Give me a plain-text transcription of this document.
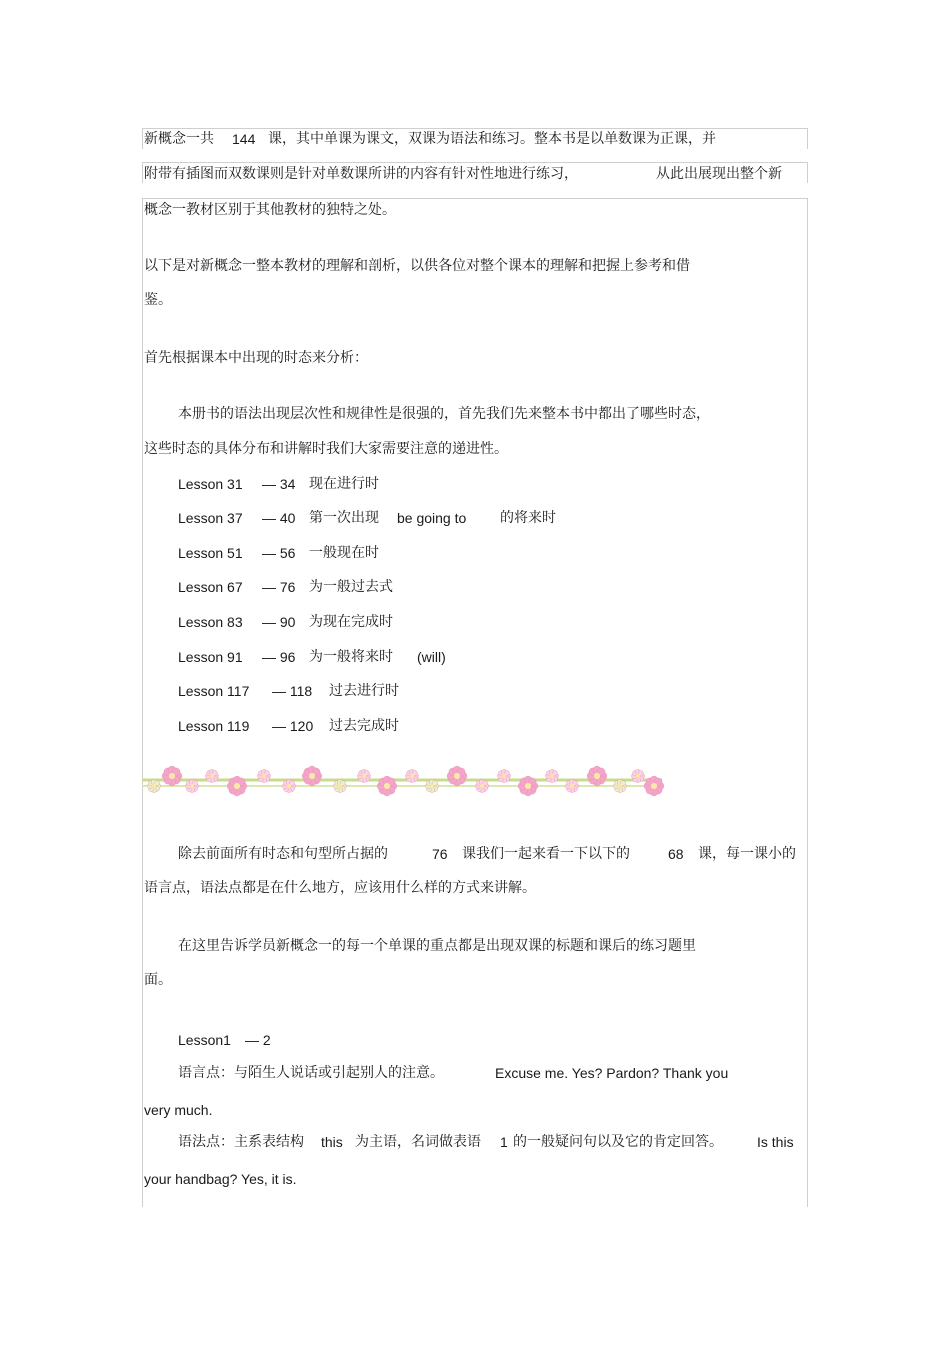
新概念一共 144 课，其中单课为课文，双课为语法和练习。整本书是以单数课为正课，并
附带有插图而双数课则是针对单数课所讲的内容有针对性地进行练习，	从此出展现出整个新
概念一教材区别于其他教材的独特之处。
以下是对新概念一整本教材的理解和剖析，以供各位对整个课本的理解和把握上参考和借
鉴。
首先根据课本中出现的时态来分析：
本册书的语法出现层次性和规律性是很强的，首先我们先来整本书中都出了哪些时态，
这些时态的具体分布和讲解时我们大家需要注意的递进性。
Lesson 31 — 34 现在进行时
Lesson 37 — 40 第一次出现 be going to 的将来时
Lesson 51 — 56 一般现在时
Lesson 67 — 76 为一般过去式
Lesson 83 — 90 为现在完成时
Lesson 91 — 96 为一般将来时 (will)
Lesson 117 — 118 过去进行时
Lesson 119 — 120 过去完成时
除去前面所有时态和句型所占据的	76 课我们一起来看一下以下的	68 课，每一课小的
语言点，语法点都是在什么地方，应该用什么样的方式来讲解。
在这里告诉学员新概念一的每一个单课的重点都是出现双课的标题和课后的练习题里
面。
Lesson1 — 2
语言点：与陌生人说话或引起别人的注意。	Excuse me. Yes? Pardon? Thank you
very much.
语法点：主系表结构 this 为主语，名词做表语 1 的一般疑问句以及它的肯定回答。 Is this
your handbag? Yes, it is.
